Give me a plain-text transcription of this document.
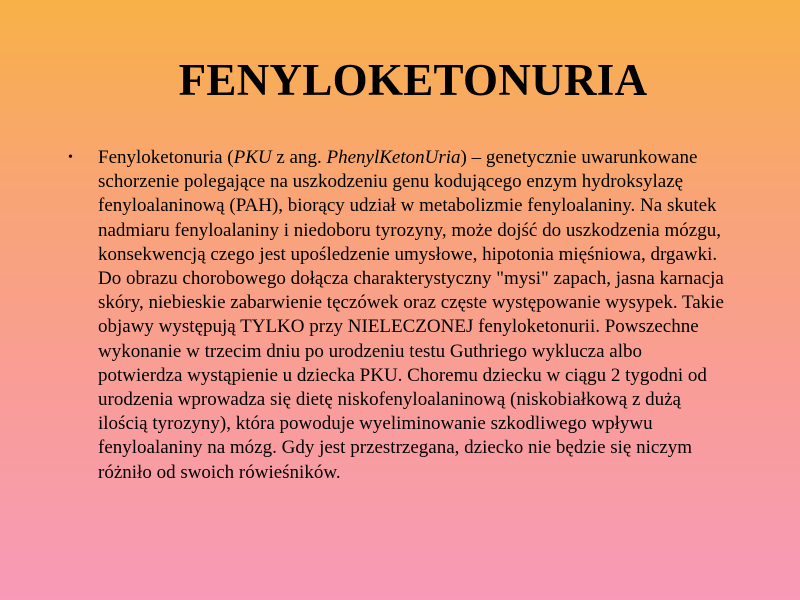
FENYLOKETONURIA
• Fenyloketonuria (PKU z ang. PhenylKetonUria) – genetycznie uwarunkowane schorzenie polegające na uszkodzeniu genu kodującego enzym hydroksylazę fenyloalaninową (PAH), biorący udział w metabolizmie fenyloalaniny. Na skutek nadmiaru fenyloalaniny i niedoboru tyrozyny, może dojść do uszkodzenia mózgu, konsekwencją czego jest upośledzenie umysłowe, hipotonia mięśniowa, drgawki. Do obrazu chorobowego dołącza charakterystyczny "mysi" zapach, jasna karnacja skóry, niebieskie zabarwienie tęczówek oraz częste występowanie wysypek. Takie objawy występują TYLKO przy NIELECZONEJ fenyloketonurii. Powszechne wykonanie w trzecim dniu po urodzeniu testu Guthriego wyklucza albo potwierdza wystąpienie u dziecka PKU. Choremu dziecku w ciągu 2 tygodni od urodzenia wprowadza się dietę niskofenyloalaninową (niskobiałkową z dużą ilością tyrozyny), która powoduje wyeliminowanie szkodliwego wpływu fenyloalaniny na mózg. Gdy jest przestrzegana, dziecko nie będzie się niczym różniło od swoich rówieśników.
